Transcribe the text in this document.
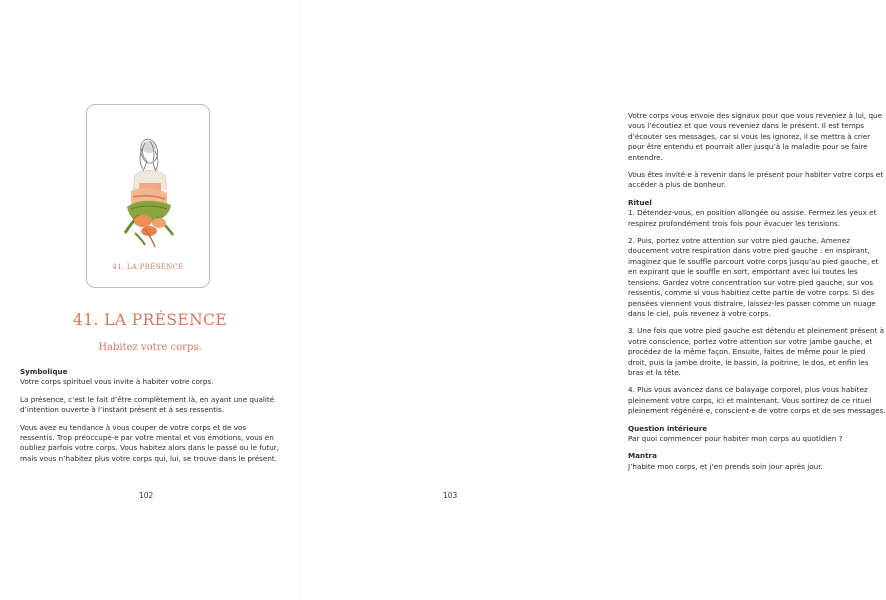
41. LA PRÉSENCE
41. LA PRÉSENCE
Habitez votre corps.
Symbolique

Votre corps spirituel vous invite à habiter votre corps.

La présence, c’est le fait d’être complètement là, en ayant une qualité d’intention ouverte à l’instant présent et à ses ressentis.

Vous avez eu tendance à vous couper de votre corps et de vos ressentis. Trop préoccupé·e par votre mental et vos émotions, vous en oubliez parfois votre corps. Vous habitez alors dans le passé ou le futur, mais vous n’habitez plus votre corps qui, lui, se trouve dans le présent.

102

Votre corps vous envoie des signaux pour que vous reveniez à lui, que vous l’écoutiez et que vous reveniez dans le présent. Il est temps d’écouter ses messages, car si vous les ignorez, il se mettra à crier pour être entendu et pourrait aller jusqu’à la maladie pour se faire entendre.

Vous êtes invité·e à revenir dans le présent pour habiter votre corps et accéder à plus de bonheur.

Rituel

1. Détendez-vous, en position allongée ou assise. Fermez les yeux et respirez profondément trois fois pour évacuer les tensions.

2. Puis, portez votre attention sur votre pied gauche. Amenez doucement votre respiration dans votre pied gauche : en inspirant, imaginez que le souffle parcourt votre corps jusqu’au pied gauche, et en expirant que le souffle en sort, emportant avec lui toutes les tensions. Gardez votre concentration sur votre pied gauche, sur vos ressentis, comme si vous habitiez cette partie de votre corps. Si des pensées viennent vous distraire, laissez-les passer comme un nuage dans le ciel, puis revenez à votre corps.

3. Une fois que votre pied gauche est détendu et pleinement présent à votre conscience, portez votre attention sur votre jambe gauche, et procédez de la même façon. Ensuite, faites de même pour le pied droit, puis la jambe droite, le bassin, la poitrine, le dos, et enfin les bras et la tête.

4. Plus vous avancez dans ce balayage corporel, plus vous habitez pleinement votre corps, ici et maintenant. Vous sortirez de ce rituel pleinement régénéré·e, conscient·e de votre corps et de ses messages.

Question intérieure

Par quoi commencer pour habiter mon corps au quotidien ?

Mantra

J’habite mon corps, et j’en prends soin jour après jour.

103
